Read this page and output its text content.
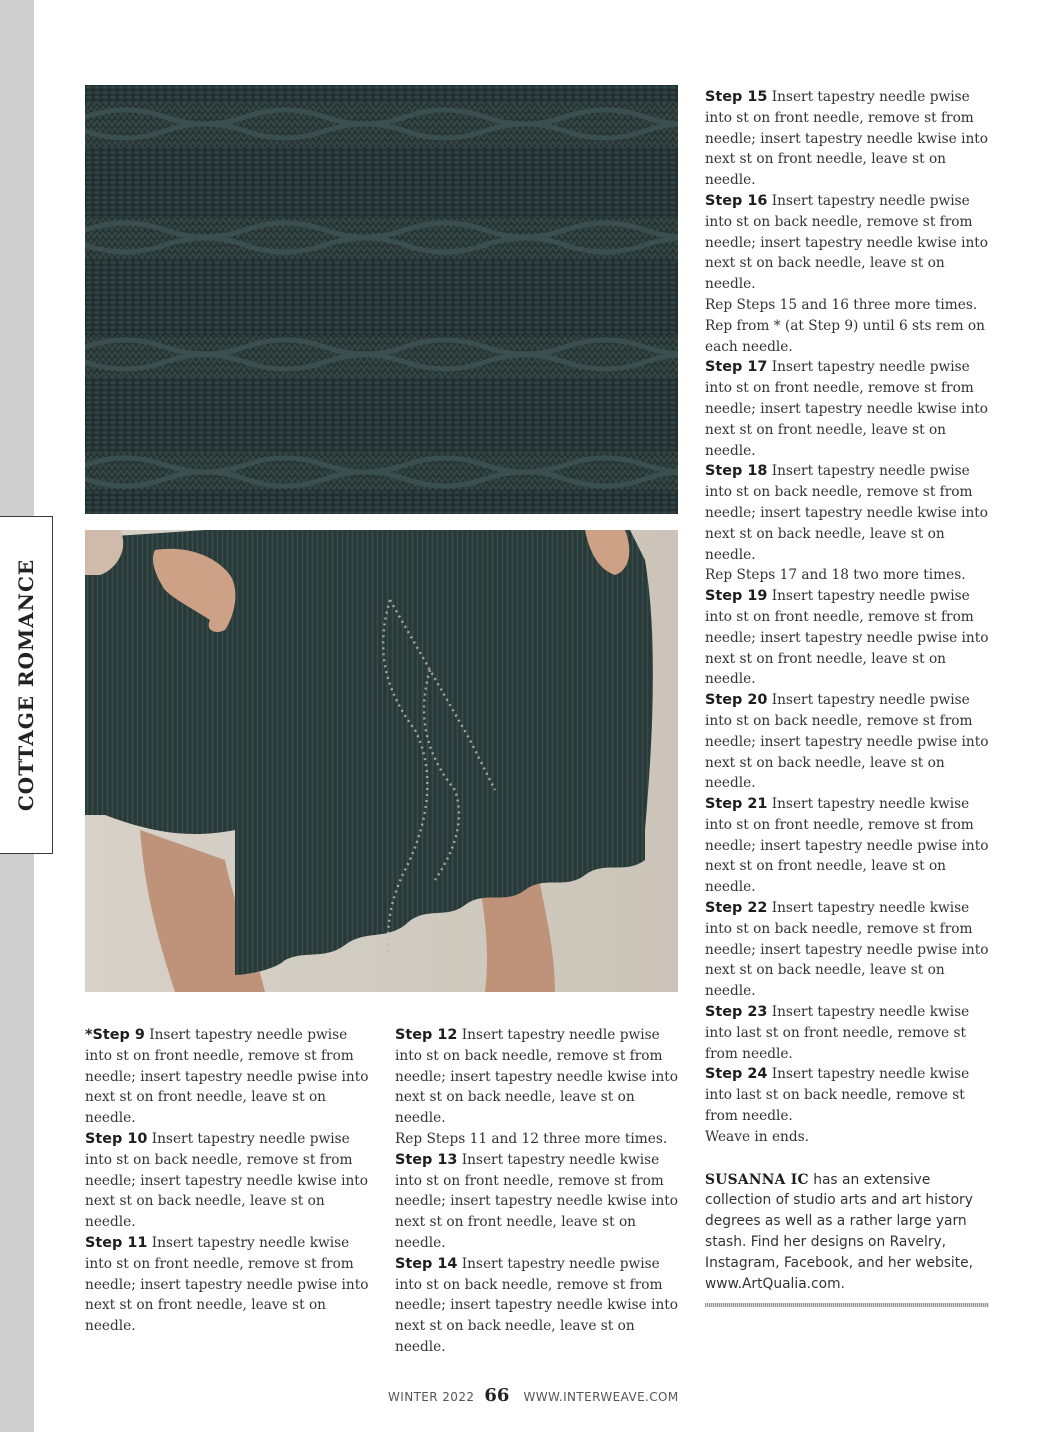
COTTAGE ROMANCE

*Step 9 Insert tapestry needle pwise into st on front needle, remove st from needle; insert tapestry needle pwise into next st on front needle, leave st on needle.

Step 10 Insert tapestry needle pwise into st on back needle, remove st from needle; insert tapestry needle kwise into next st on back needle, leave st on needle.

Step 11 Insert tapestry needle kwise into st on front needle, remove st from needle; insert tapestry needle pwise into next st on front needle, leave st on needle.

Step 12 Insert tapestry needle pwise into st on back needle, remove st from needle; insert tapestry needle kwise into next st on back needle, leave st on needle.

Rep Steps 11 and 12 three more times.

Step 13 Insert tapestry needle kwise into st on front needle, remove st from needle; insert tapestry needle kwise into next st on front needle, leave st on needle.

Step 14 Insert tapestry needle pwise into st on back needle, remove st from needle; insert tapestry needle kwise into next st on back needle, leave st on needle.

Step 15 Insert tapestry needle pwise into st on front needle, remove st from needle; insert tapestry needle kwise into next st on front needle, leave st on needle.

Step 16 Insert tapestry needle pwise into st on back needle, remove st from needle; insert tapestry needle kwise into next st on back needle, leave st on needle.

Rep Steps 15 and 16 three more times.

Rep from * (at Step 9) until 6 sts rem on each needle.

Step 17 Insert tapestry needle pwise into st on front needle, remove st from needle; insert tapestry needle kwise into next st on front needle, leave st on needle.

Step 18 Insert tapestry needle pwise into st on back needle, remove st from needle; insert tapestry needle kwise into next st on back needle, leave st on needle.

Rep Steps 17 and 18 two more times.

Step 19 Insert tapestry needle pwise into st on front needle, remove st from needle; insert tapestry needle pwise into next st on front needle, leave st on needle.

Step 20 Insert tapestry needle pwise into st on back needle, remove st from needle; insert tapestry needle pwise into next st on back needle, leave st on needle.

Step 21 Insert tapestry needle kwise into st on front needle, remove st from needle; insert tapestry needle pwise into next st on front needle, leave st on needle.

Step 22 Insert tapestry needle kwise into st on back needle, remove st from needle; insert tapestry needle pwise into next st on back needle, leave st on needle.

Step 23 Insert tapestry needle kwise into last st on front needle, remove st from needle.

Step 24 Insert tapestry needle kwise into last st on back needle, remove st from needle.

Weave in ends.

SUSANNA IC has an extensive collection of studio arts and art history degrees as well as a rather large yarn stash. Find her designs on Ravelry, Instagram, Facebook, and her website, www.ArtQualia.com.

WINTER 2022 66 WWW.INTERWEAVE.COM
